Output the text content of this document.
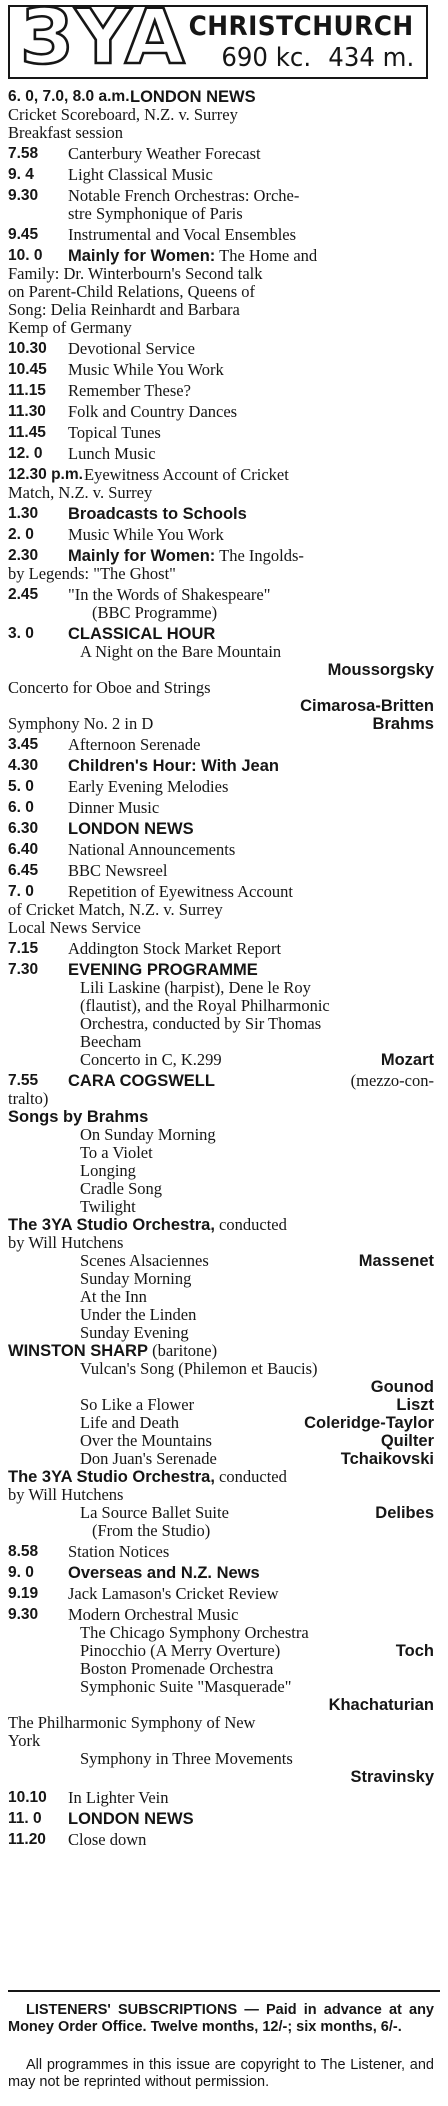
3YA CHRISTCHURCH
690 kc. 434 m.
6. 0, 7.0, 8.0 a.m. LONDON NEWS
Cricket Scoreboard, N.Z. v. Surrey
Breakfast session
7.58 Canterbury Weather Forecast
9. 4 Light Classical Music
9.30 Notable French Orchestras: Orche-
stre Symphonique of Paris
9.45 Instrumental and Vocal Ensembles
10. 0 Mainly for Women: The Home and
Family: Dr. Winterbourn's Second talk
on Parent-Child Relations, Queens of
Song: Delia Reinhardt and Barbara
Kemp of Germany
10.30 Devotional Service
10.45 Music While You Work
11.15 Remember These?
11.30 Folk and Country Dances
11.45 Topical Tunes
12. 0 Lunch Music
12.30 p.m. Eyewitness Account of Cricket
Match, N.Z. v. Surrey
1.30 Broadcasts to Schools
2. 0 Music While You Work
2.30 Mainly for Women: The Ingolds-
by Legends: "The Ghost"
2.45 "In the Words of Shakespeare"
(BBC Programme)
3. 0 CLASSICAL HOUR
A Night on the Bare Mountain
Moussorgsky
Concerto for Oboe and Strings
Cimarosa-Britten
Symphony No. 2 in D	Brahms
3.45 Afternoon Serenade
4.30 Children's Hour: With Jean
5. 0 Early Evening Melodies
6. 0 Dinner Music
6.30 LONDON NEWS
6.40 National Announcements
6.45 BBC Newsreel
7. 0 Repetition of Eyewitness Account
of Cricket Match, N.Z. v. Surrey
Local News Service
7.15 Addington Stock Market Report
7.30 EVENING PROGRAMME
Lili Laskine (harpist), Dene le Roy
(flautist), and the Royal Philharmonic
Orchestra, conducted by Sir Thomas
Beecham
Concerto in C, K.299	Mozart
7.55 CARA COGSWELL	(mezzo-con-
tralto)
Songs by Brahms
On Sunday Morning
To a Violet
Longing
Cradle Song
Twilight
The 3YA Studio Orchestra, conducted
by Will Hutchens
Scenes Alsaciennes	Massenet
Sunday Morning
At the Inn
Under the Linden
Sunday Evening
WINSTON SHARP (baritone)
Vulcan's Song (Philemon et Baucis)
Gounod
So Like a Flower	Liszt
Life and Death	Coleridge-Taylor
Over the Mountains	Quilter
Don Juan's Serenade	Tchaikovski
The 3YA Studio Orchestra, conducted
by Will Hutchens
La Source Ballet Suite	Delibes
(From the Studio)
8.58 Station Notices
9. 0 Overseas and N.Z. News
9.19 Jack Lamason's Cricket Review
9.30 Modern Orchestral Music
The Chicago Symphony Orchestra
Pinocchio (A Merry Overture)	Toch
Boston Promenade Orchestra
Symphonic Suite "Masquerade"
Khachaturian
The Philharmonic Symphony of New
York
Symphony in Three Movements
Stravinsky
10.10 In Lighter Vein
11. 0 LONDON NEWS
11.20 Close down
LISTENERS' SUBSCRIPTIONS — Paid in advance at any Money Order Office. Twelve months, 12/-; six months, 6/-.
All programmes in this issue are copyright to The Listener, and may not be reprinted without permission.
